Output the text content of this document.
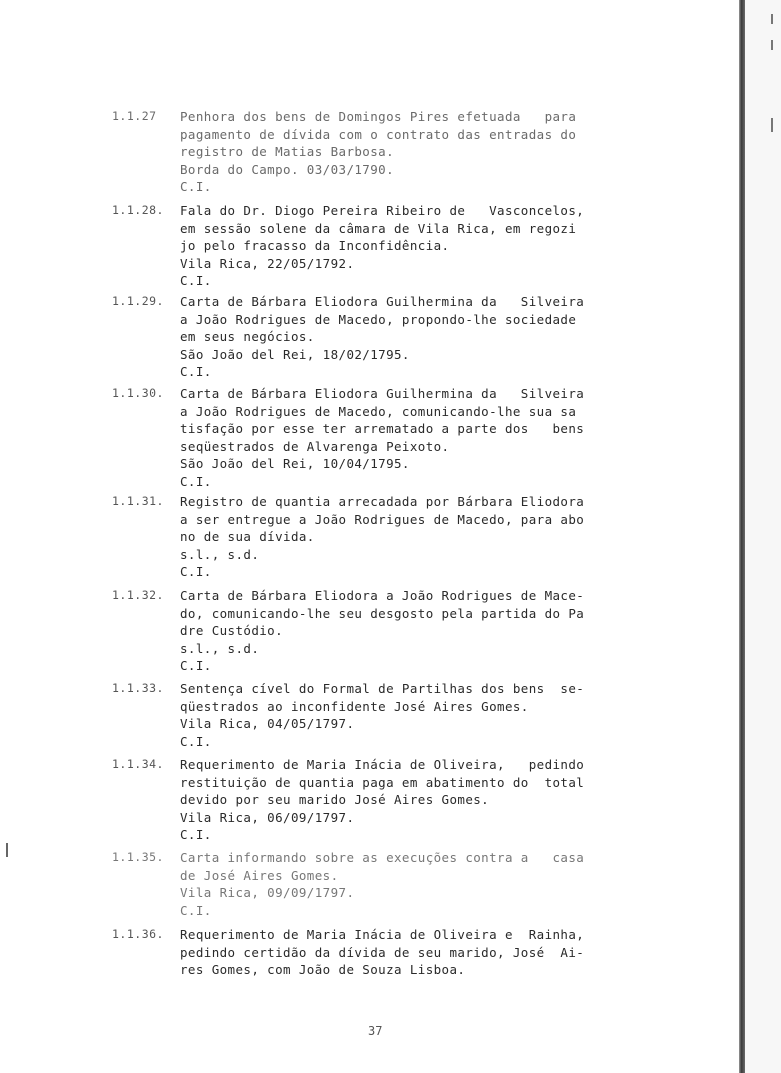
1.1.27	Penhora dos bens de Domingos Pires efetuada   para
pagamento de dívida com o contrato das entradas do
registro de Matias Barbosa.
Borda do Campo. 03/03/1790.
C.I.
1.1.28.	Fala do Dr. Diogo Pereira Ribeiro de   Vasconcelos,
em sessão solene da câmara de Vila Rica, em regozi
jo pelo fracasso da Inconfidência.
Vila Rica, 22/05/1792.
C.I.
1.1.29.	Carta de Bárbara Eliodora Guilhermina da   Silveira
a João Rodrigues de Macedo, propondo-lhe sociedade
em seus negócios.
São João del Rei, 18/02/1795.
C.I.
1.1.30.	Carta de Bárbara Eliodora Guilhermina da   Silveira
a João Rodrigues de Macedo, comunicando-lhe sua sa
tisfação por esse ter arrematado a parte dos   bens
seqüestrados de Alvarenga Peixoto.
São João del Rei, 10/04/1795.
C.I.
1.1.31.	Registro de quantia arrecadada por Bárbara Eliodora
a ser entregue a João Rodrigues de Macedo, para abo
no de sua dívida.
s.l., s.d.
C.I.
1.1.32.	Carta de Bárbara Eliodora a João Rodrigues de Mace-
do, comunicando-lhe seu desgosto pela partida do Pa
dre Custódio.
s.l., s.d.
C.I.
1.1.33.	Sentença cível do Formal de Partilhas dos bens  se-
qüestrados ao inconfidente José Aires Gomes.
Vila Rica, 04/05/1797.
C.I.
1.1.34.	Requerimento de Maria Inácia de Oliveira,   pedindo
restituição de quantia paga em abatimento do  total
devido por seu marido José Aires Gomes.
Vila Rica, 06/09/1797.
C.I.
1.1.35.	Carta informando sobre as execuções contra a   casa
de José Aires Gomes.
Vila Rica, 09/09/1797.
C.I.
1.1.36.	Requerimento de Maria Inácia de Oliveira e  Rainha,
pedindo certidão da dívida de seu marido, José  Ai-
res Gomes, com João de Souza Lisboa.
37
